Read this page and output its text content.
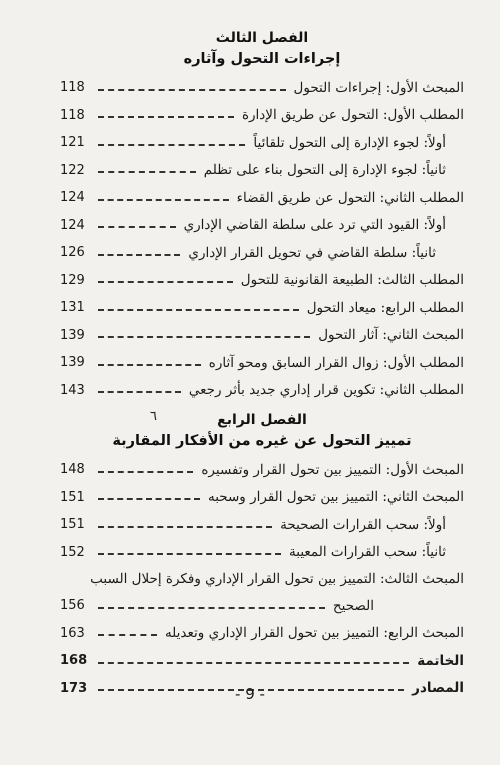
الفصل الثالث
إجراءات التحول وآثاره
المبحث الأول: إجراءات التحول
118
المطلب الأول: التحول عن طريق الإدارة
118
أولاً: لجوء الإدارة إلى التحول تلقائياً
121
ثانياً: لجوء الإدارة إلى التحول بناء على تظلم
122
المطلب الثاني: التحول عن طريق القضاء
124
أولاً: القيود التي ترد على سلطة القاضي الإداري
124
ثانياً: سلطة القاضي في تحويل القرار الإداري
126
المطلب الثالث: الطبيعة القانونية للتحول
129
المطلب الرابع: ميعاد التحول
131
المبحث الثاني: آثار التحول
139
المطلب الأول: زوال القرار السابق ومحو آثاره
139
المطلب الثاني: تكوين قرار إداري جديد بأثر رجعي
143
الفصل الرابع
تمييز التحول عن غيره من الأفكار المقاربة
المبحث الأول: التمييز بين تحول القرار وتفسيره
148
المبحث الثاني: التمييز بين تحول القرار وسحبه
151
أولاً: سحب القرارات الصحيحة
151
ثانياً: سحب القرارات المعيبة
152
المبحث الثالث: التمييز بين تحول القرار الإداري وفكرة إحلال السبب
الصحيح
156
المبحث الرابع: التمييز بين تحول القرار الإداري وتعديله
163
الخاتمة
168
المصادر
173
٦
- 9 -
